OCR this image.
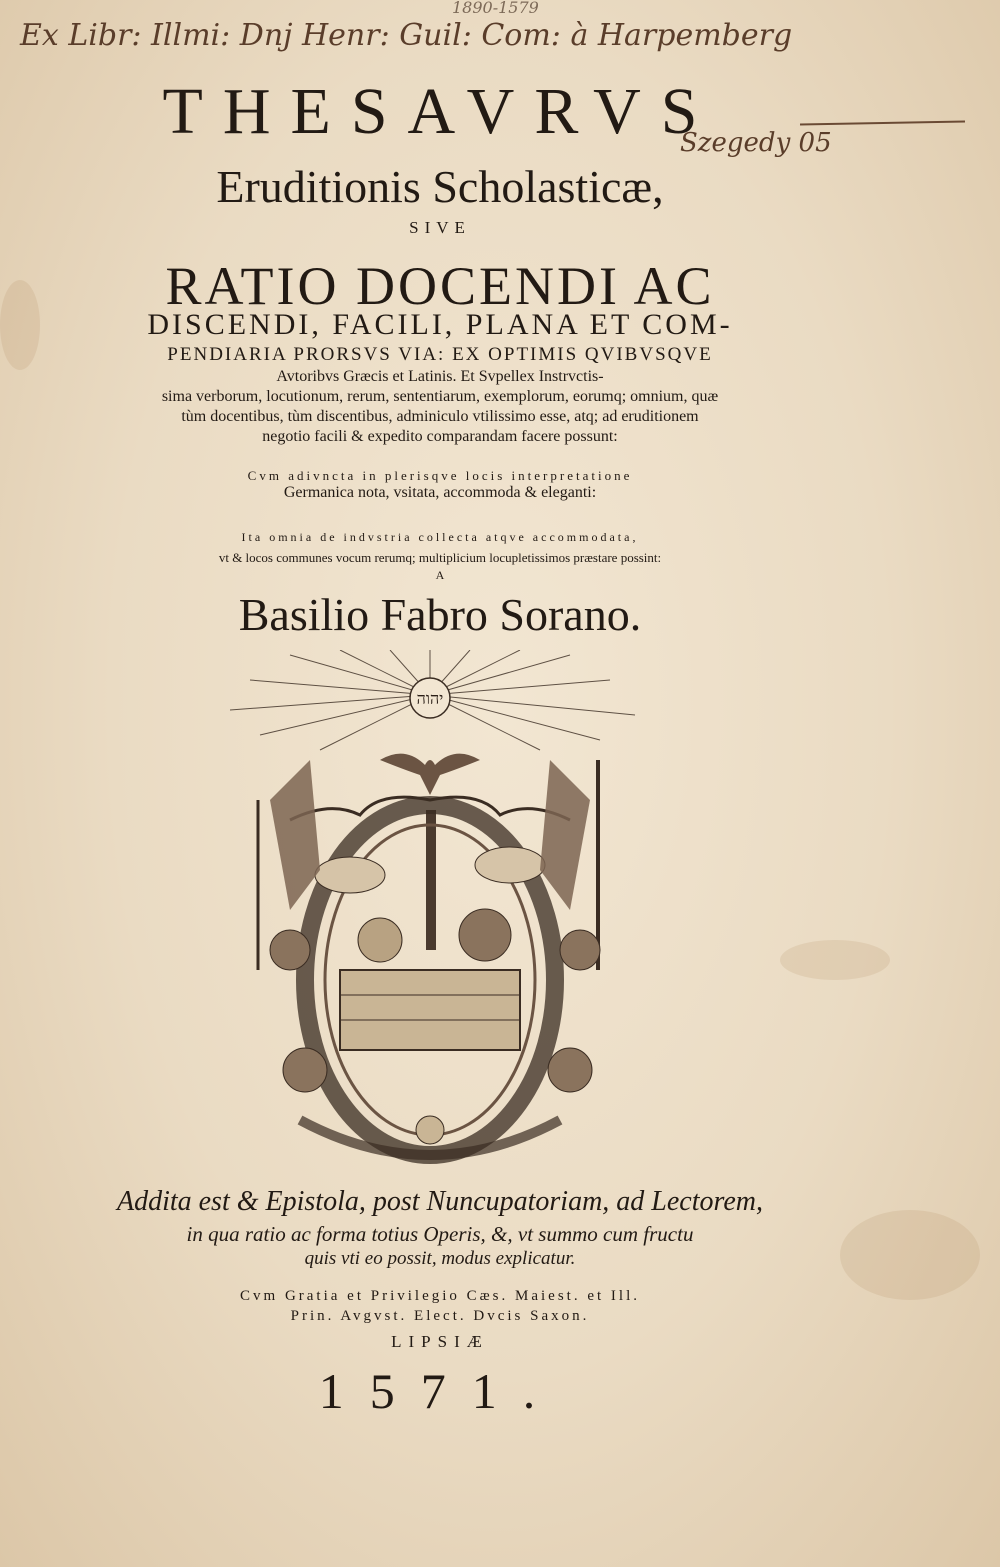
Ex Libr: Illmi: Dnj Henr: Guil: Com: à Harpemberg
1890-1579
Szegedy 05
THESAVRVS
Eruditionis Scholasticæ,
SIVE
RATIO DOCENDI AC
DISCENDI, FACILI, PLANA ET COM-
PENDIARIA PRORSVS VIA: EX OPTIMIS QVIBVSQVE
Avtoribvs Græcis et Latinis. Et Svpellex Instrvctis-
sima verborum, locutionum, rerum, sententiarum, exemplorum, eorumq; omnium, quæ
tùm docentibus, tùm discentibus, adminiculo vtilissimo esse, atq; ad eruditionem
negotio facili & expedito comparandam facere possunt:
Cvm adivncta in plerisqve locis interpretatione
Germanica nota, vsitata, accommoda & eleganti:
Ita omnia de indvstria collecta atqve accommodata,
vt & locos communes vocum rerumq; multiplicium locupletissimos præstare possint:
A
Basilio Fabro Sorano.
יהוה
Addita est & Epistola, post Nuncupatoriam, ad Lectorem,
in qua ratio ac forma totius Operis, &, vt summo cum fructu
quis vti eo possit, modus explicatur.
Cvm Gratia et Privilegio Cæs. Maiest. et Ill.
Prin. Avgvst. Elect. Dvcis Saxon.
LIPSIÆ
1571.
